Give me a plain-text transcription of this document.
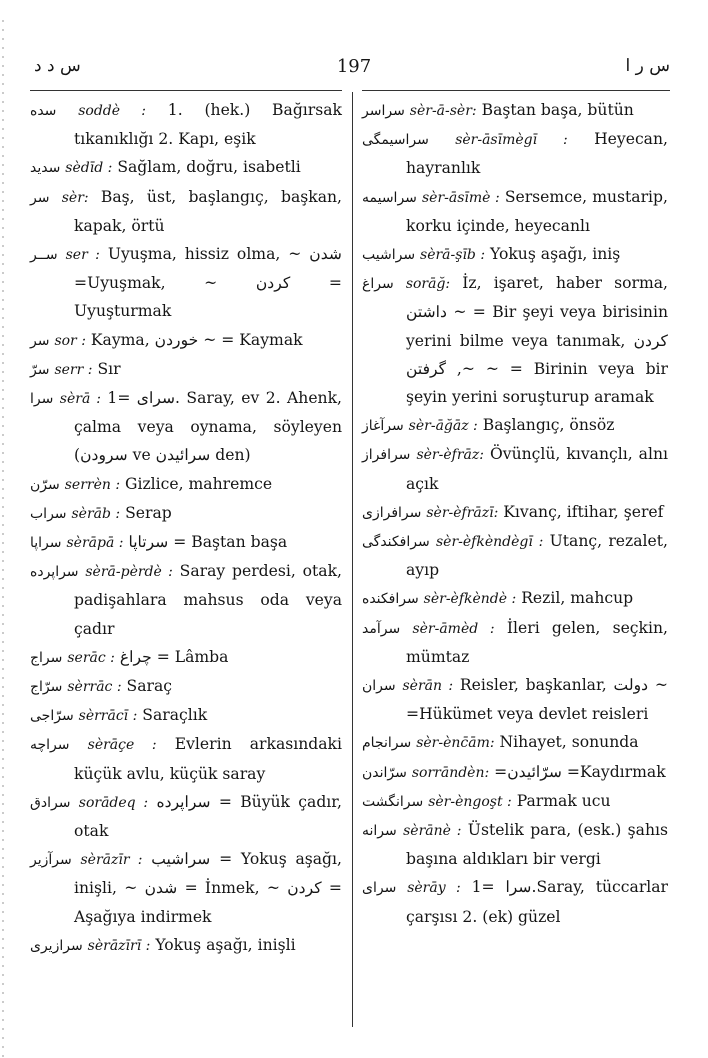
س د د	197	س ر ا

سده soddè : 1. (hek.) Bağırsak tıkanıklığı 2. Kapı, eşik

سدید sèdīd : Sağlam, doğru, isabetli

سر sèr: Baş, üst, başlangıç, başkan, kapak, örtü

ســر ser : Uyuşma, hissiz olma, ~ شدن =Uyuşmak, ~ کردن = Uyuşturmak

سر sor : Kayma, خوردن ~ = Kaymak

سرّ serr : Sır

سرا sèrā : سرای =1. Saray, ev 2. Ahenk, çalma veya oynama, söyleyen (سرودن ve سرائیدن den)

سرّن serrèn : Gizlice, mahremce

سراب sèrāb : Serap

سراپا sèrāpā : سرتاپا = Baştan başa

سراپرده sèrā-pèrdè : Saray perdesi, otak, padişahlara mahsus oda veya çadır

سراج serāc : چراغ = Lâmba

سرّاج sèrrāc : Saraç

سرّاجی sèrrācī : Saraçlık

سراچه sèrāçe : Evlerin arkasındaki küçük avlu, küçük saray

سرادق sorādeq : سراپرده = Büyük çadır, otak

سرآزیر sèrāzīr : سراشیب = Yokuş aşağı, inişli, ~ شدن = İnmek, ~ کردن = Aşağıya indirmek

سرازیری sèrāzīrī : Yokuş aşağı, inişli

سراسر sèr-ā-sèr: Baştan başa, bütün

سراسیمگی sèr-āsīmègī : Heyecan, hayranlık

سراسیمه sèr-āsīmè : Sersemce, mustarip, korku içinde, heyecanlı

سراشیب sèrā-şīb : Yokuş aşağı, iniş

سراغ sorāğ: İz, işaret, haber sorma, داشتن ~ = Bir şeyi veya birisinin yerini bilme veya tanımak, کردن ~, گرفتن ~ = Birinin veya bir şeyin yerini soruşturup aramak

سرآغاز sèr-āğāz : Başlangıç, önsöz

سرافراز sèr-èfrāz: Övünçlü, kıvançlı, alnı açık

سرافرازی sèr-èfrāzī: Kıvanç, iftihar, şeref

سرافکندگی sèr-èfkèndègī : Utanç, rezalet, ayıp

سرافکنده sèr-èfkèndè : Rezil, mahcup

سرآمد sèr-āmèd : İleri gelen, seçkin, mümtaz

سران sèrān : Reisler, başkanlar, دولت ~ =Hükümet veya devlet reisleri

سرانجام sèr-ènc̄ām: Nihayet, sonunda

سرّاندن sorrāndèn: =سرّائیدن =Kaydırmak

سرانگشت sèr-èngoşt : Parmak ucu

سرانه sèrānè : Üstelik para, (esk.) şahıs başına aldıkları bir vergi

سرای sèrāy : سرا =1.Saray, tüccarlar çarşısı 2. (ek) güzel
